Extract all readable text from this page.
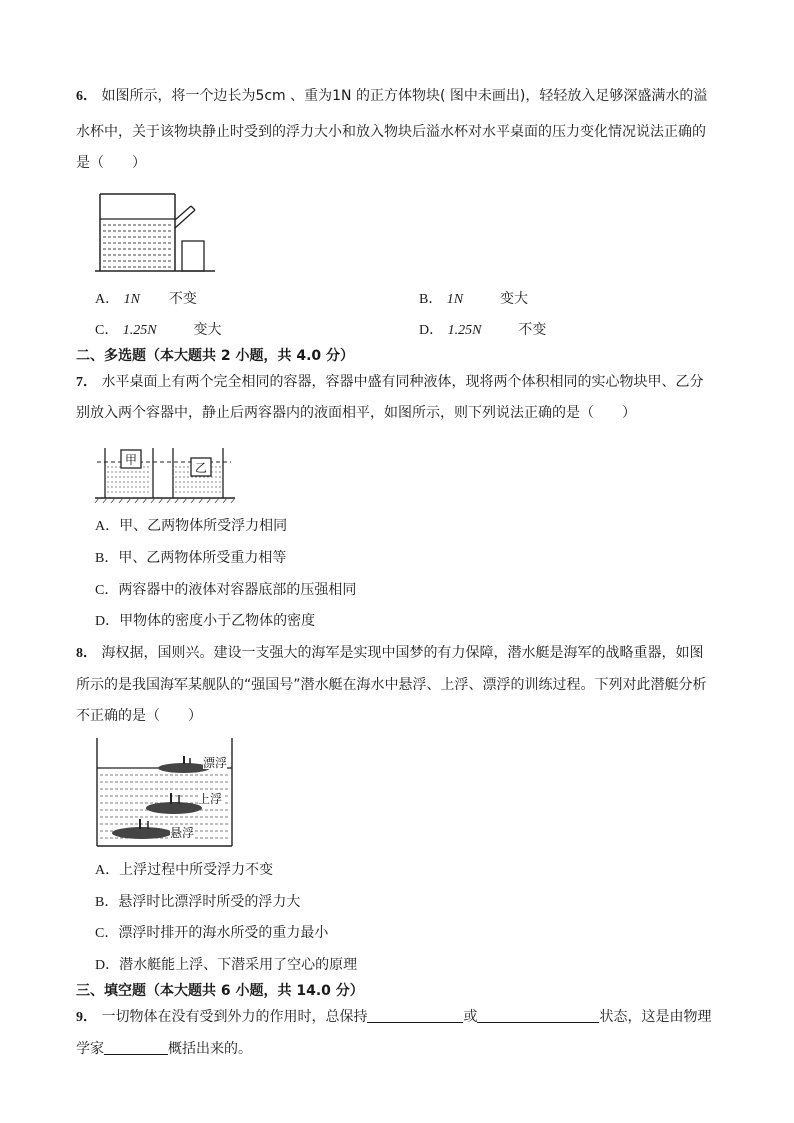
6． 如图所示，将一个边长为5cm 、重为1N 的正方体物块( 图中未画出)，轻轻放入足够深盛满水的溢
水杯中，关于该物块静止时受到的浮力大小和放入物块后溢水杯对水平桌面的压力变化情况说法正确的
是（　　）
A． 1N 不变	B． 1N	变大
C． 1.25N	变大	D． 1.25N	不变
二、多选题（本大题共 2 小题，共 4.0 分）
7． 水平桌面上有两个完全相同的容器，容器中盛有同种液体，现将两个体积相同的实心物块甲、乙分
别放入两个容器中，静止后两容器内的液面相平，如图所示，则下列说法正确的是（　　）
甲
乙
A．甲、乙两物体所受浮力相同
B．甲、乙两物体所受重力相等
C．两容器中的液体对容器底部的压强相同
D．甲物体的密度小于乙物体的密度
8． 海权据，国则兴。建设一支强大的海军是实现中国梦的有力保障，潜水艇是海军的战略重器，如图
所示的是我国海军某舰队的“强国号”潜水艇在海水中悬浮、上浮、漂浮的训练过程。下列对此潜艇分析
不正确的是（　　）
漂浮
上浮
悬浮
A．上浮过程中所受浮力不变
B．悬浮时比漂浮时所受的浮力大
C．漂浮时排开的海水所受的重力最小
D．潜水艇能上浮、下潜采用了空心的原理
三、填空题（本大题共 6 小题，共 14.0 分）
9． 一切物体在没有受到外力的作用时，总保持	或	状态，这是由物理
学家	概括出来的。
